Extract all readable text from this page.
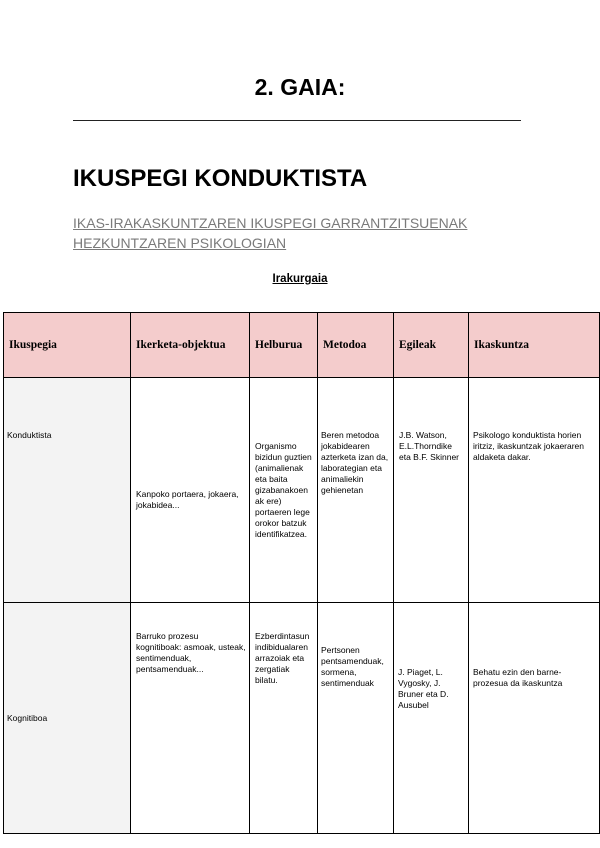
2. GAIA:
IKUSPEGI KONDUKTISTA

IKAS-IRAKASKUNTZAREN IKUSPEGI GARRANTZITSUENAK
HEZKUNTZAREN PSIKOLOGIAN

Irakurgaia
Ikuspegia	Ikerketa-objektua	Helburua	Metodoa	Egileak	Ikaskuntza
Konduktista	Kanpoko portaera, jokaera, jokabidea...	Organismo bizidun guztien (animalienak eta baita gizabanakoen ak ere) portaeren lege orokor batzuk identifikatzea.	Beren metodoa jokabidearen azterketa izan da, laborategian eta animaliekin gehienetan	J.B. Watson, E.L.Thorndike eta B.F. Skinner	Psikologo konduktista horien iritziz, ikaskuntzak jokaeraren aldaketa dakar.
Kognitiboa	Barruko prozesu kognitiboak: asmoak, usteak, sentimenduak, pentsamenduak...	Ezberdintasun indibidualaren arrazoiak eta zergatiak bilatu.	Pertsonen pentsamenduak, sormena, sentimenduak	J. Piaget, L. Vygosky, J. Bruner eta D. Ausubel	Behatu ezin den barne-prozesua da ikaskuntza
